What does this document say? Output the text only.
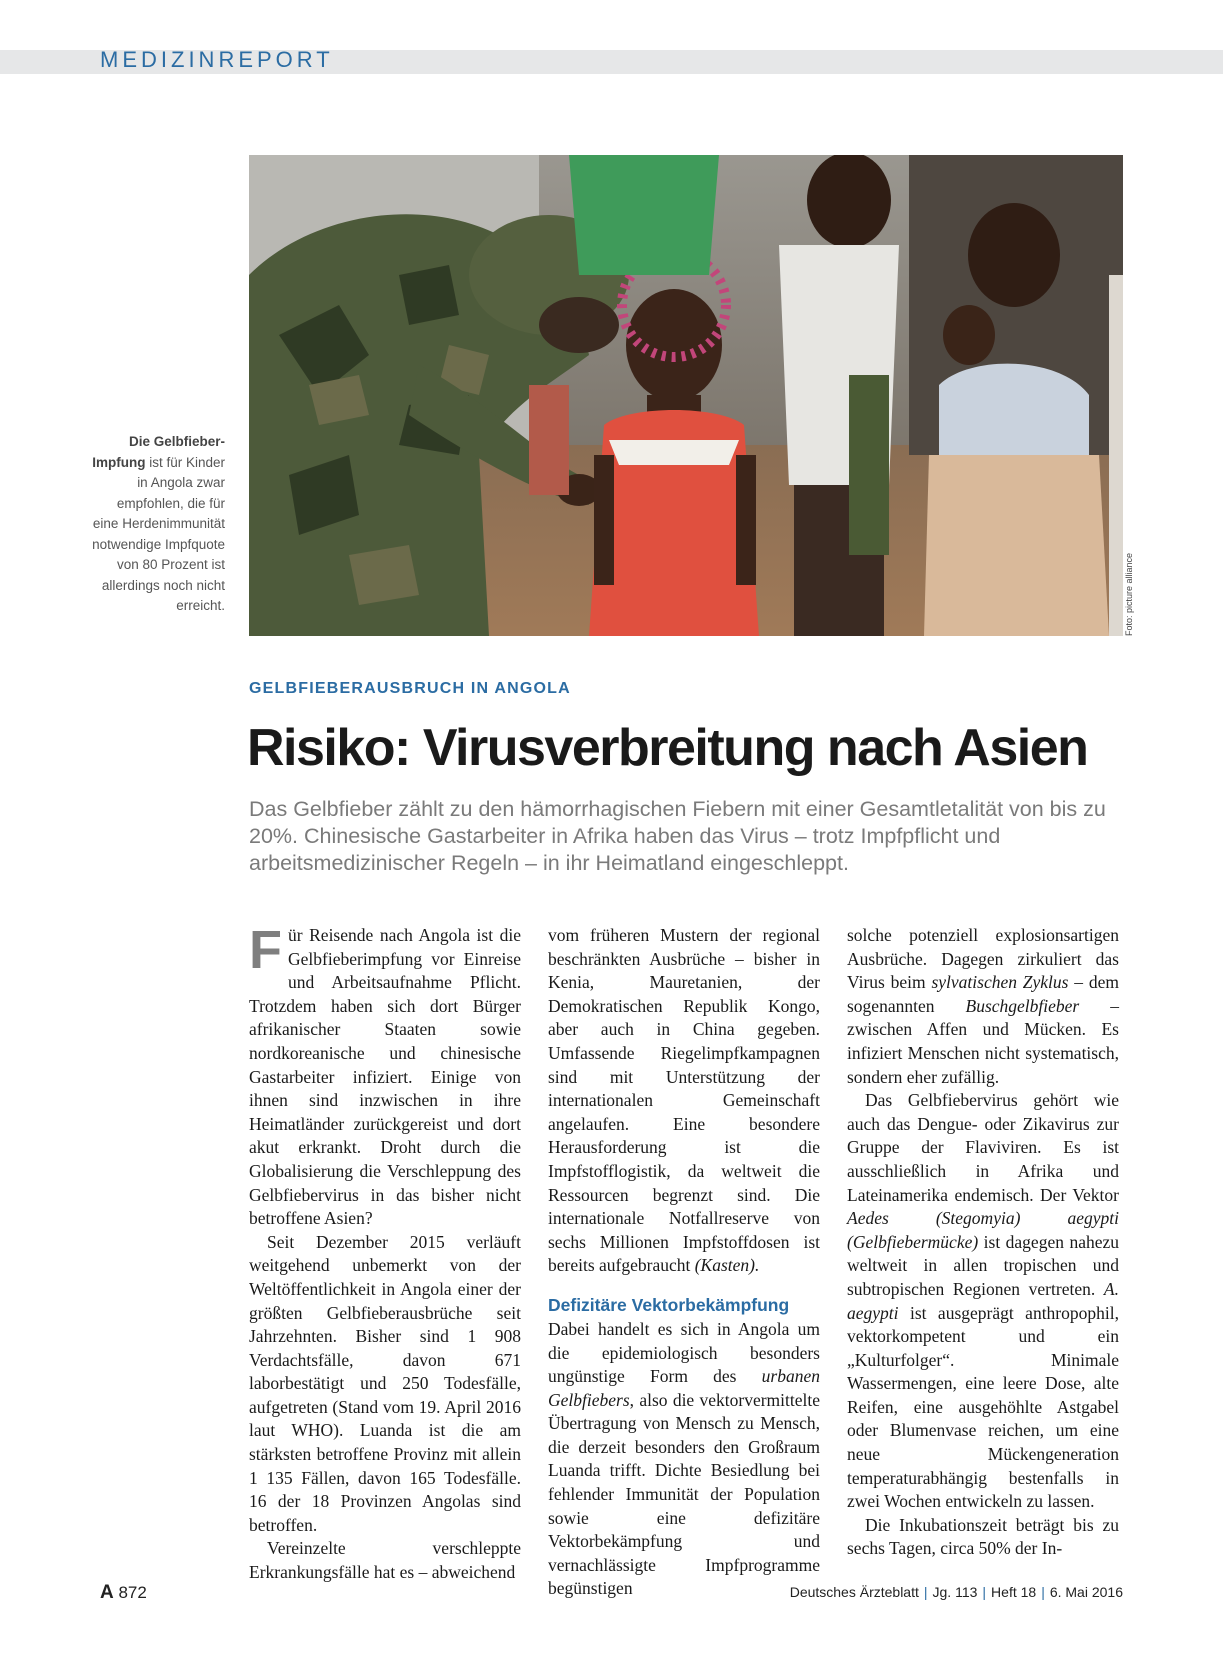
MEDIZINREPORT
Foto: picture alliance
Die Gelbfieber-Impfung ist für Kinder in Angola zwar empfohlen, die für eine Herdenimmunität notwendige Impfquote von 80 Prozent ist allerdings noch nicht erreicht.
GELBFIEBERAUSBRUCH IN ANGOLA
Risiko: Virusverbreitung nach Asien
Das Gelbfieber zählt zu den hämorrhagischen Fiebern mit einer Gesamtletalität von bis zu 20%. Chinesische Gastarbeiter in Afrika haben das Virus – trotz Impfpflicht und arbeitsmedizinischer Regeln – in ihr Heimatland eingeschleppt.

Für Reisende nach Angola ist die Gelbfieberimpfung vor Einreise und Arbeitsaufnahme Pflicht. Trotzdem haben sich dort Bürger afrikanischer Staaten sowie nordkoreanische und chinesische Gastarbeiter infiziert. Einige von ihnen sind inzwischen in ihre Heimatländer zurückgereist und dort akut erkrankt. Droht durch die Globalisierung die Verschleppung des Gelbfiebervirus in das bisher nicht betroffene Asien?

Seit Dezember 2015 verläuft weitgehend unbemerkt von der Weltöffentlichkeit in Angola einer der größten Gelbfieberausbrüche seit Jahrzehnten. Bisher sind 1 908 Verdachtsfälle, davon 671 laborbestätigt und 250 Todesfälle, aufgetreten (Stand vom 19. April 2016 laut WHO). Luanda ist die am stärksten betroffene Provinz mit allein 1 135 Fällen, davon 165 Todesfälle. 16 der 18 Provinzen Angolas sind betroffen.

Vereinzelte verschleppte Erkrankungsfälle hat es – abweichend

vom früheren Mustern der regional beschränkten Ausbrüche – bisher in Kenia, Mauretanien, der Demokratischen Republik Kongo, aber auch in China gegeben. Umfassende Riegelimpfkampagnen sind mit Unterstützung der internationalen Gemeinschaft angelaufen. Eine besondere Herausforderung ist die Impfstofflogistik, da weltweit die Ressourcen begrenzt sind. Die internationale Notfallreserve von sechs Millionen Impfstoffdosen ist bereits aufgebraucht (Kasten).

Defizitäre Vektorbekämpfung

Dabei handelt es sich in Angola um die epidemiologisch besonders ungünstige Form des urbanen Gelbfiebers, also die vektorvermittelte Übertragung von Mensch zu Mensch, die derzeit besonders den Großraum Luanda trifft. Dichte Besiedlung bei fehlender Immunität der Population sowie eine defizitäre Vektorbekämpfung und vernachlässigte Impfprogramme begünstigen

solche potenziell explosionsartigen Ausbrüche. Dagegen zirkuliert das Virus beim sylvatischen Zyklus – dem sogenannten Buschgelbfieber – zwischen Affen und Mücken. Es infiziert Menschen nicht systematisch, sondern eher zufällig.

Das Gelbfiebervirus gehört wie auch das Dengue- oder Zikavirus zur Gruppe der Flaviviren. Es ist ausschließlich in Afrika und Lateinamerika endemisch. Der Vektor Aedes (Stegomyia) aegypti (Gelbfiebermücke) ist dagegen nahezu weltweit in allen tropischen und subtropischen Regionen vertreten. A. aegypti ist ausgeprägt anthropophil, vektorkompetent und ein „Kulturfolger“. Minimale Wassermengen, eine leere Dose, alte Reifen, eine ausgehöhlte Astgabel oder Blumenvase reichen, um eine neue Mückengeneration temperaturabhängig bestenfalls in zwei Wochen entwickeln zu lassen.

Die Inkubationszeit beträgt bis zu sechs Tagen, circa 50% der In-

A 872	Deutsches Ärzteblatt | Jg. 113 | Heft 18 | 6. Mai 2016
